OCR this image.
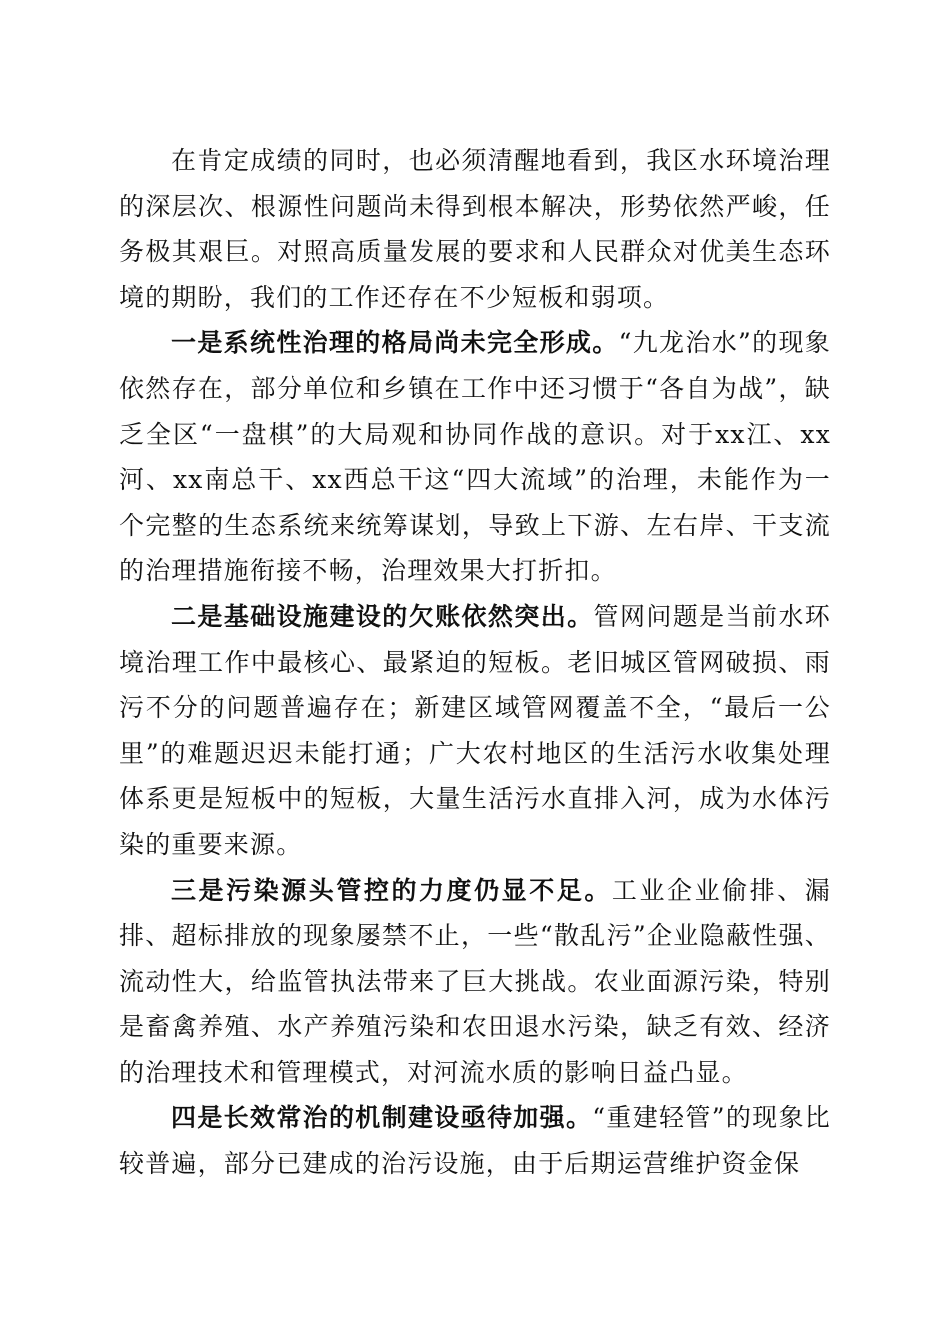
在肯定成绩的同时，也必须清醒地看到，我区水环境治理的深层次、根源性问题尚未得到根本解决，形势依然严峻，任务极其艰巨。对照高质量发展的要求和人民群众对优美生态环境的期盼，我们的工作还存在不少短板和弱项。

一是系统性治理的格局尚未完全形成。“九龙治水”的现象依然存在，部分单位和乡镇在工作中还习惯于“各自为战”，缺乏全区“一盘棋”的大局观和协同作战的意识。对于xx江、xx河、xx南总干、xx西总干这“四大流域”的治理，未能作为一个完整的生态系统来统筹谋划，导致上下游、左右岸、干支流的治理措施衔接不畅，治理效果大打折扣。

二是基础设施建设的欠账依然突出。管网问题是当前水环境治理工作中最核心、最紧迫的短板。老旧城区管网破损、雨污不分的问题普遍存在；新建区域管网覆盖不全，“最后一公里”的难题迟迟未能打通；广大农村地区的生活污水收集处理体系更是短板中的短板，大量生活污水直排入河，成为水体污染的重要来源。

三是污染源头管控的力度仍显不足。工业企业偷排、漏排、超标排放的现象屡禁不止，一些“散乱污”企业隐蔽性强、流动性大，给监管执法带来了巨大挑战。农业面源污染，特别是畜禽养殖、水产养殖污染和农田退水污染，缺乏有效、经济的治理技术和管理模式，对河流水质的影响日益凸显。

四是长效常治的机制建设亟待加强。“重建轻管”的现象比较普遍，部分已建成的治污设施，由于后期运营维护资金保
